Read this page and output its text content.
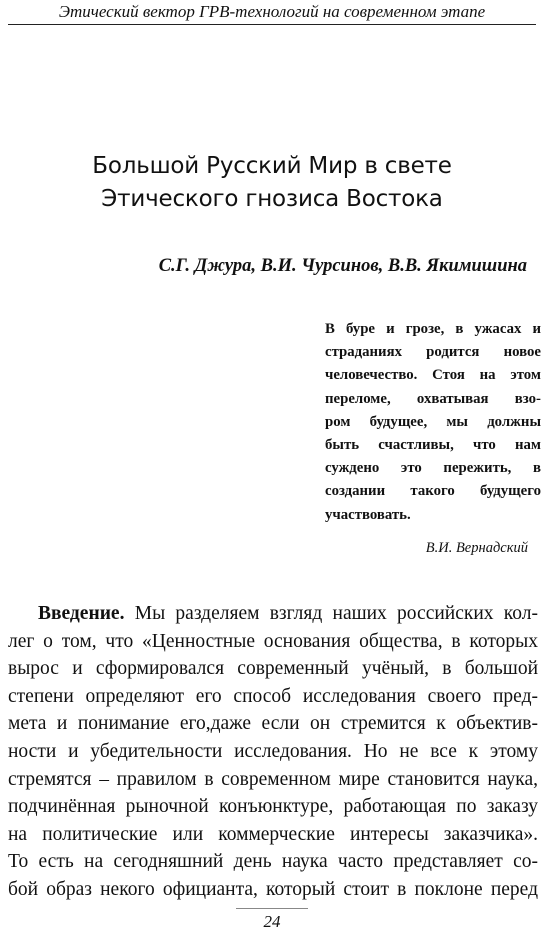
Этический вектор ГРВ-технологий на современном этапе
Большой Русский Мир в свете
Этического гнозиса Востока
С.Г. Джура, В.И. Чурсинов, В.В. Якимишина
В буре и грозе, в ужасах и
страданиях родится новое
человечество. Стоя на этом
переломе, охватывая взо-
ром будущее, мы должны
быть счастливы, что нам
суждено это пережить, в
создании такого будущего
участвовать.
В.И. Вернадский
Введение. Мы разделяем взгляд наших российских кол-
лег о том, что «Ценностные основания общества, в которых
вырос и сформировался современный учёный, в большой
степени определяют его способ исследования своего пред-
мета и понимание его,даже если он стремится к объектив-
ности и убедительности исследования. Но не все к этому
стремятся – правилом в современном мире становится наука,
подчинённая рыночной конъюнктуре, работающая по заказу
на политические или коммерческие интересы заказчика».
То есть на сегодняшний день наука часто представляет со-
бой образ некого официанта, который стоит в поклоне перед
24
